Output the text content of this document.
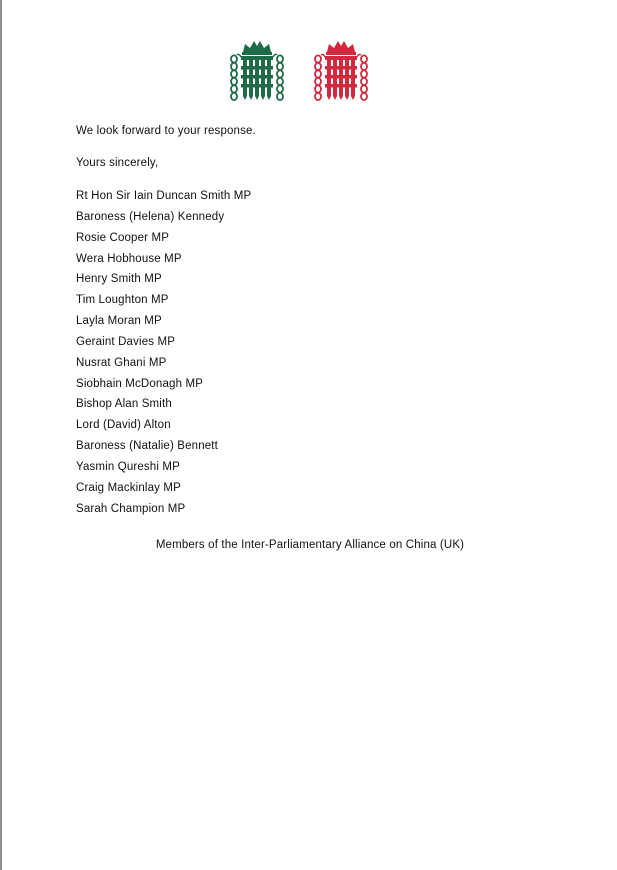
We look forward to your response.
Yours sincerely,
Rt Hon Sir Iain Duncan Smith MP
Baroness (Helena) Kennedy
Rosie Cooper MP
Wera Hobhouse MP
Henry Smith MP
Tim Loughton MP
Layla Moran MP
Geraint Davies MP
Nusrat Ghani MP
Siobhain McDonagh MP
Bishop Alan Smith
Lord (David) Alton
Baroness (Natalie) Bennett
Yasmin Qureshi MP
Craig Mackinlay MP
Sarah Champion MP
Members of the Inter-Parliamentary Alliance on China (UK)
